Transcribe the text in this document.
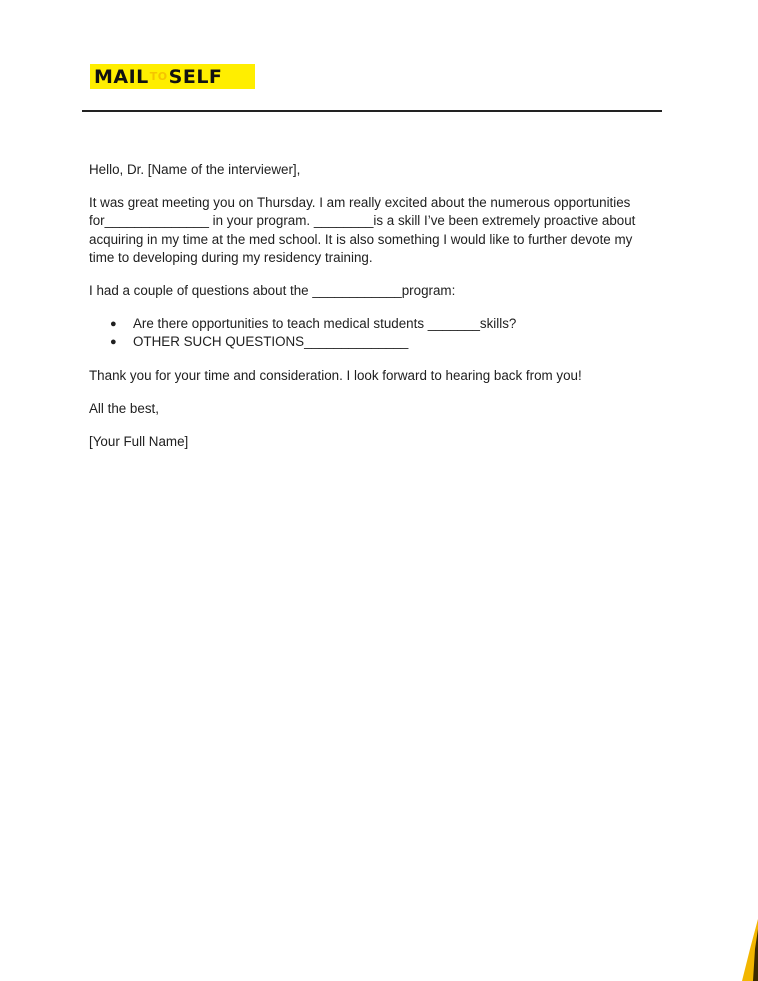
MAIL TO SELF

Hello, Dr. [Name of the interviewer],

It was great meeting you on Thursday. I am really excited about the numerous opportunities
for______________ in your program. ________is a skill I’ve been extremely proactive about
acquiring in my time at the med school. It is also something I would like to further devote my
time to developing during my residency training.

I had a couple of questions about the ____________program:

● Are there opportunities to teach medical students _______skills?
● OTHER SUCH QUESTIONS______________

Thank you for your time and consideration. I look forward to hearing back from you!

All the best,

[Your Full Name]
